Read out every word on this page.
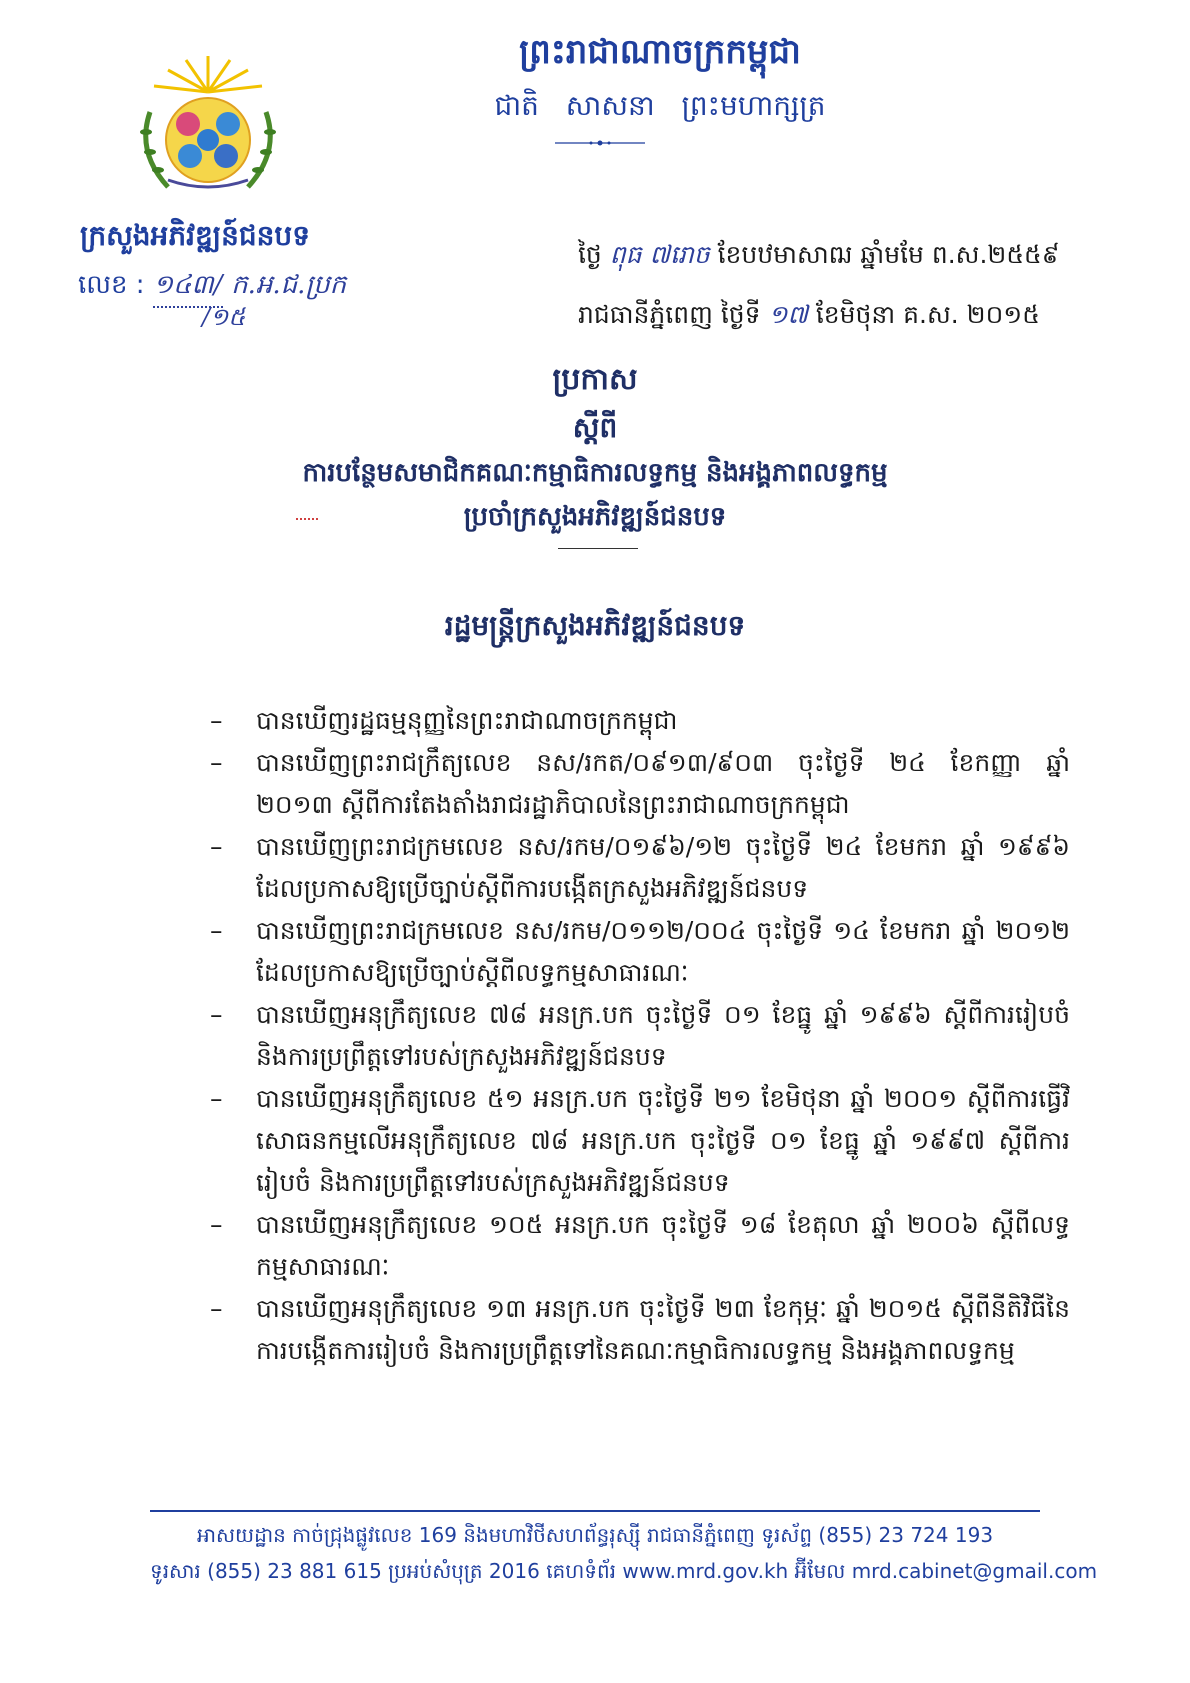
ព្រះរាជាណាចក្រកម្ពុជា
ជាតិ សាសនា ព្រះមហាក្សត្រ
ក្រសួងអភិវឌ្ឍន៍ជនបទ
លេខ : ១៤៣/ ក.អ.ជ.ប្រក
/១៥
ថ្ងៃ ពុធ ៧រោច ខែបឋមាសាឍ ឆ្នាំមមែ ព.ស.២៥៥៩
រាជធានីភ្នំពេញ ថ្ងៃទី ១៧ ខែមិថុនា គ.ស. ២០១៥
ប្រកាស
ស្តីពី
ការបន្ថែមសមាជិកគណៈកម្មាធិការលទ្ធកម្ម និងអង្គភាពលទ្ធកម្ម
ប្រចាំក្រសួងអភិវឌ្ឍន៍ជនបទ
រដ្ឋមន្ត្រីក្រសួងអភិវឌ្ឍន៍ជនបទ
– បានឃើញរដ្ឋធម្មនុញ្ញនៃព្រះរាជាណាចក្រកម្ពុជា
– បានឃើញព្រះរាជក្រឹត្យលេខ នស/រកត/០៩១៣/៩០៣ ចុះថ្ងៃទី ២៤ ខែកញ្ញា ឆ្នាំ ២០១៣ ស្តីពីការតែងតាំងរាជរដ្ឋាភិបាលនៃព្រះរាជាណាចក្រកម្ពុជា
– បានឃើញព្រះរាជក្រមលេខ នស/រកម/០១៩៦/១២ ចុះថ្ងៃទី ២៤ ខែមករា ឆ្នាំ ១៩៩៦ ដែលប្រកាសឱ្យប្រើច្បាប់ស្តីពីការបង្កើតក្រសួងអភិវឌ្ឍន៍ជនបទ
– បានឃើញព្រះរាជក្រមលេខ នស/រកម/០១១២/០០៤ ចុះថ្ងៃទី ១៤ ខែមករា ឆ្នាំ ២០១២ ដែលប្រកាសឱ្យប្រើច្បាប់ស្តីពីលទ្ធកម្មសាធារណៈ
– បានឃើញអនុក្រឹត្យលេខ ៧៨ អនក្រ.បក ចុះថ្ងៃទី ០១ ខែធ្នូ ឆ្នាំ ១៩៩៦ ស្តីពីការរៀបចំ និងការប្រព្រឹត្តទៅរបស់ក្រសួងអភិវឌ្ឍន៍ជនបទ
– បានឃើញអនុក្រឹត្យលេខ ៥១ អនក្រ.បក ចុះថ្ងៃទី ២១ ខែមិថុនា ឆ្នាំ ២០០១ ស្តីពីការធ្វើវិសោធនកម្មលើអនុក្រឹត្យលេខ ៧៨ អនក្រ.បក ចុះថ្ងៃទី ០១ ខែធ្នូ ឆ្នាំ ១៩៩៧ ស្តីពីការរៀបចំ និងការប្រព្រឹត្តទៅរបស់ក្រសួងអភិវឌ្ឍន៍ជនបទ
– បានឃើញអនុក្រឹត្យលេខ ១០៥ អនក្រ.បក ចុះថ្ងៃទី ១៨ ខែតុលា ឆ្នាំ ២០០៦ ស្តីពីលទ្ធកម្មសាធារណៈ
– បានឃើញអនុក្រឹត្យលេខ ១៣ អនក្រ.បក ចុះថ្ងៃទី ២៣ ខែកុម្ភៈ ឆ្នាំ ២០១៥ ស្តីពីនីតិវិធីនៃការបង្កើតការរៀបចំ និងការប្រព្រឹត្តទៅនៃគណៈកម្មាធិការលទ្ធកម្ម និងអង្គភាពលទ្ធកម្ម
អាសយដ្ឋាន កាច់ជ្រុងផ្លូវលេខ 169 និងមហាវិថីសហព័ន្ធរុស្ស៊ី រាជធានីភ្នំពេញ ទូរស័ព្ទ (855) 23 724 193
ទូរសារ (855) 23 881 615 ប្រអប់សំបុត្រ 2016 គេហទំព័រ www.mrd.gov.kh អ៊ីមែល mrd.cabinet@gmail.com
